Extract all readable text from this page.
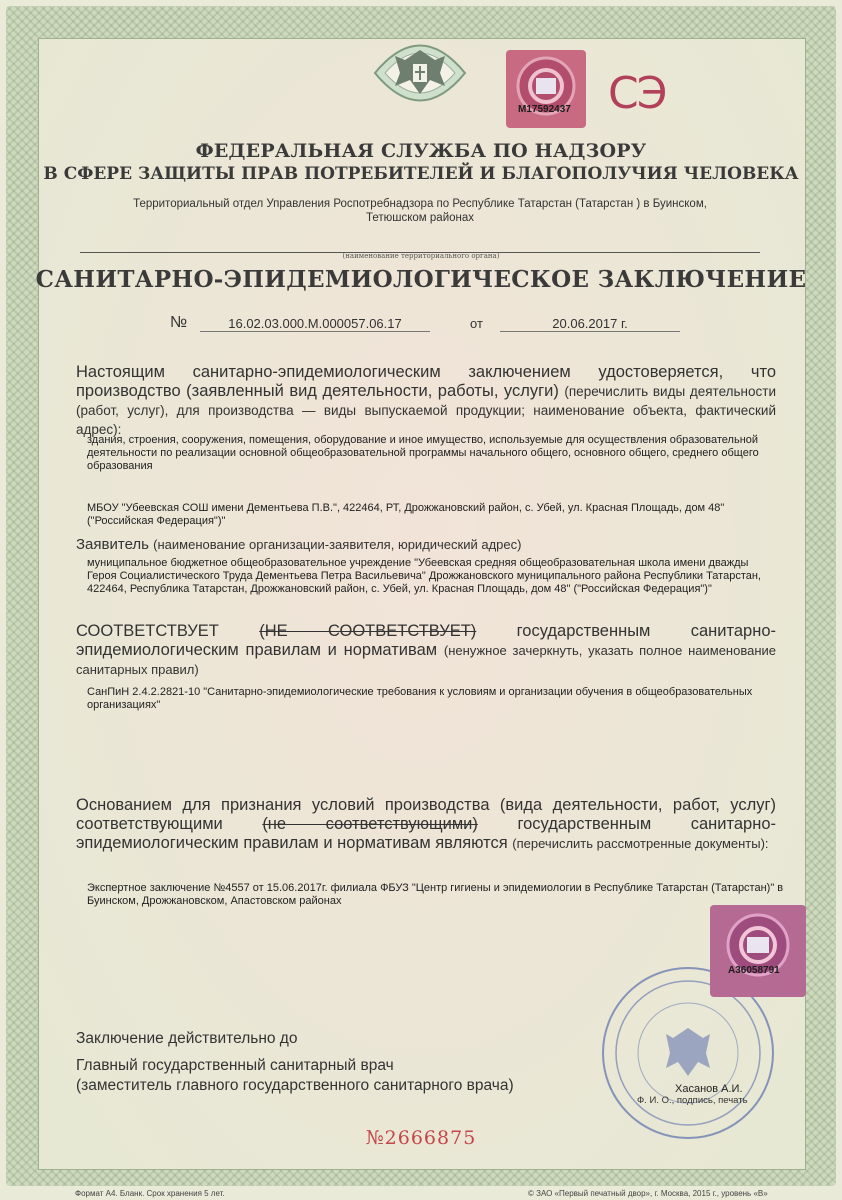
M17592437 СЭ
ФЕДЕРАЛЬНАЯ СЛУЖБА ПО НАДЗОРУ
В СФЕРЕ ЗАЩИТЫ ПРАВ ПОТРЕБИТЕЛЕЙ И БЛАГОПОЛУЧИЯ ЧЕЛОВЕКА
Территориальный отдел Управления Роспотребнадзора по Республике Татарстан (Татарстан ) в Буинском, Тетюшском районах
(наименование территориального органа)
САНИТАРНО-ЭПИДЕМИОЛОГИЧЕСКОЕ ЗАКЛЮЧЕНИЕ
№	16.02.03.000.М.000057.06.17	от	20.06.2017 г.
Настоящим санитарно-эпидемиологическим заключением удостоверяется, что производство (заявленный вид деятельности, работы, услуги) (перечислить виды деятельности (работ, услуг), для производства — виды выпускаемой продукции; наименование объекта, фактический адрес):
здания, строения, сооружения, помещения, оборудование и иное имущество, используемые для осуществления образовательной деятельности по реализации основной общеобразовательной программы начального общего, основного общего, среднего общего образования
МБОУ "Убеевская СОШ имени Дементьева П.В.", 422464, РТ, Дрожжановский район, с. Убей, ул. Красная Площадь, дом 48" ("Российская Федерация")"
Заявитель (наименование организации-заявителя, юридический адрес)
муниципальное бюджетное общеобразовательное учреждение "Убеевская средняя общеобразовательная школа имени дважды Героя Социалистического Труда Дементьева Петра Васильевича" Дрожжановского муниципального района Республики Татарстан, 422464, Республика Татарстан, Дрожжановский район, с. Убей, ул. Красная Площадь, дом 48" ("Российская Федерация")"
СООТВЕТСТВУЕТ (НЕ СООТВЕТСТВУЕТ) государственным санитарно-эпидемиологическим правилам и нормативам (ненужное зачеркнуть, указать полное наименование санитарных правил)
СанПиН 2.4.2.2821-10 "Санитарно-эпидемиологические требования к условиям и организации обучения в общеобразовательных организациях"
Основанием для признания условий производства (вида деятельности, работ, услуг) соответствующими (не соответствующими) государственным санитарно-эпидемиологическим правилам и нормативам являются (перечислить рассмотренные документы):
Экспертное заключение №4557 от 15.06.2017г. филиала ФБУЗ "Центр гигиены и эпидемиологии в Республике Татарстан (Татарстан)" в Буинском, Дрожжановском, Апастовском районах
A36058791
Заключение действительно до
Главный государственный санитарный врач
(заместитель главного государственного санитарного врача)	Хасанов А.И.
Ф. И. О., подпись, печать
№2666875
Формат А4. Бланк. Срок хранения 5 лет.	© ЗАО «Первый печатный двор», г. Москва, 2015 г., уровень «В»
